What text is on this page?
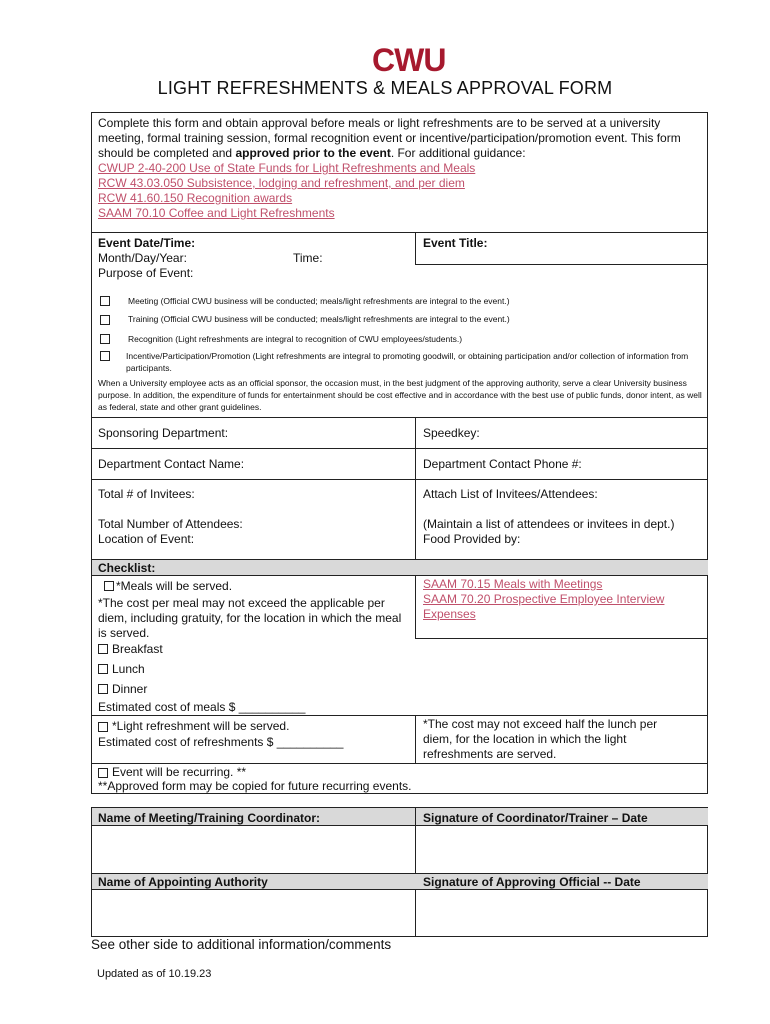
CWU
LIGHT REFRESHMENTS & MEALS APPROVAL FORM
Complete this form and obtain approval before meals or light refreshments are to be served at a university meeting, formal training session, formal recognition event or incentive/participation/promotion event. This form should be completed and approved prior to the event. For additional guidance:
CWUP 2-40-200 Use of State Funds for Light Refreshments and Meals
RCW 43.03.050 Subsistence, lodging and refreshment, and per diem
RCW 41.60.150 Recognition awards
SAAM 70.10 Coffee and Light Refreshments
Event Date/Time:
Month/Day/Year:	Time:
Event Title:
Purpose of Event:
Meeting (Official CWU business will be conducted; meals/light refreshments are integral to the event.)
Training (Official CWU business will be conducted; meals/light refreshments are integral to the event.)
Recognition (Light refreshments are integral to recognition of CWU employees/students.)
Incentive/Participation/Promotion (Light refreshments are integral to promoting goodwill, or obtaining participation and/or collection of information from participants.
When a University employee acts as an official sponsor, the occasion must, in the best judgment of the approving authority, serve a clear University business purpose. In addition, the expenditure of funds for entertainment should be cost effective and in accordance with the best use of public funds, donor intent, as well as federal, state and other grant guidelines.
Sponsoring Department:	Speedkey:
Department Contact Name:	Department Contact Phone #:
Total # of Invitees:	Attach List of Invitees/Attendees:
Total Number of Attendees:	(Maintain a list of attendees or invitees in dept.)
Location of Event:	Food Provided by:
Checklist:
*Meals will be served.
*The cost per meal may not exceed the applicable per diem, including gratuity, for the location in which the meal is served.
SAAM 70.15 Meals with Meetings
SAAM 70.20 Prospective Employee Interview Expenses
Breakfast
Lunch
Dinner
Estimated cost of meals $ __________
*Light refreshment will be served.
Estimated cost of refreshments $ __________
*The cost may not exceed half the lunch per diem, for the location in which the light refreshments are served.
Event will be recurring. **
**Approved form may be copied for future recurring events.
Name of Meeting/Training Coordinator:	Signature of Coordinator/Trainer – Date
Name of Appointing Authority	Signature of Approving Official -- Date
See other side to additional information/comments
Updated as of 10.19.23
